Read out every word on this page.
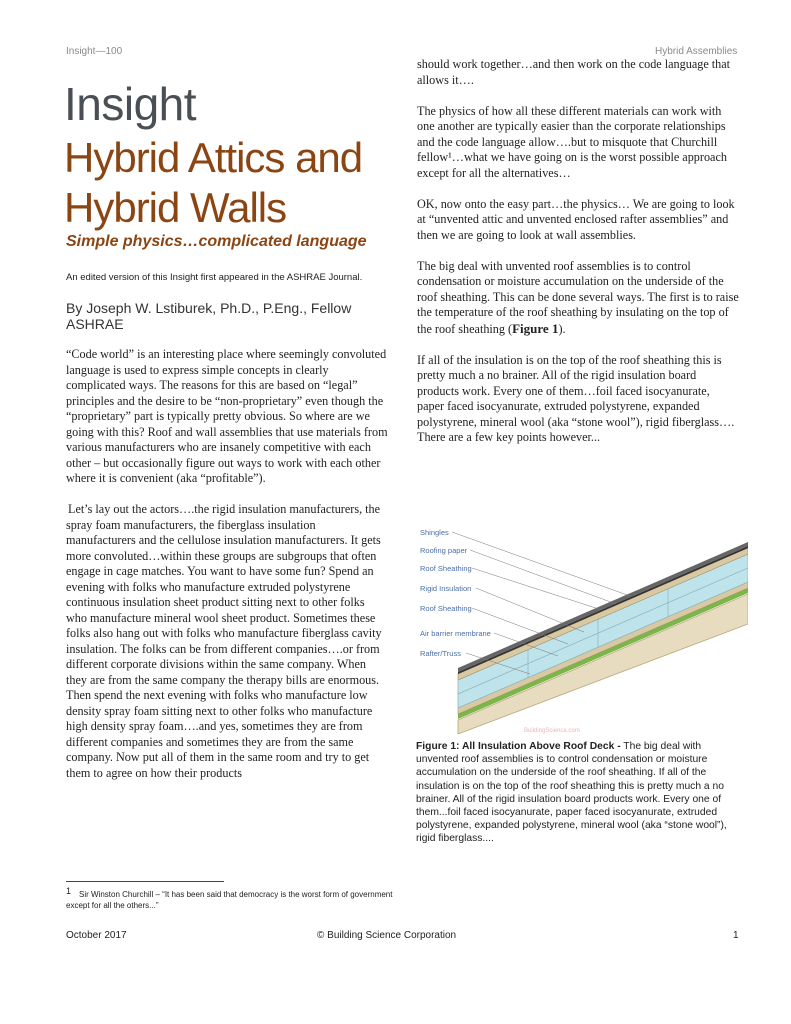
Insight—100	Hybrid Assemblies
Insight
Hybrid Attics and
Hybrid Walls
Simple physics…complicated language
An edited version of this Insight first appeared in the ASHRAE Journal.
By Joseph W. Lstiburek, Ph.D., P.Eng., Fellow ASHRAE

“Code world” is an interesting place where seemingly convoluted language is used to express simple concepts in clearly complicated ways. The reasons for this are based on “legal” principles and the desire to be “non-proprietary” even though the “proprietary” part is typically pretty obvious. So where are we going with this? Roof and wall assemblies that use materials from various manufacturers who are insanely competitive with each other – but occasionally figure out ways to work with each other where it is convenient (aka “profitable”).

Let’s lay out the actors….the rigid insulation manufacturers, the spray foam manufacturers, the fiberglass insulation manufacturers and the cellulose insulation manufacturers. It gets more convoluted…within these groups are subgroups that often engage in cage matches. You want to have some fun? Spend an evening with folks who manufacture extruded polystyrene continuous insulation sheet product sitting next to other folks who manufacture mineral wool sheet product. Sometimes these folks also hang out with folks who manufacture fiberglass cavity insulation. The folks can be from different companies….or from different corporate divisions within the same company. When they are from the same company the therapy bills are enormous. Then spend the next evening with folks who manufacture low density spray foam sitting next to other folks who manufacture high density spray foam….and yes, sometimes they are from different companies and sometimes they are from the same company. Now put all of them in the same room and try to get them to agree on how their products

should work together…and then work on the code language that allows it….

The physics of how all these different materials can work with one another are typically easier than the corporate relationships and the code language allow….but to misquote that Churchill fellow¹…what we have going on is the worst possible approach except for all the alternatives…

OK, now onto the easy part…the physics… We are going to look at “unvented attic and unvented enclosed rafter assemblies” and then we are going to look at wall assemblies.

The big deal with unvented roof assemblies is to control condensation or moisture accumulation on the underside of the roof sheathing. This can be done several ways. The first is to raise the temperature of the roof sheathing by insulating on the top of the roof sheathing (Figure 1).

If all of the insulation is on the top of the roof sheathing this is pretty much a no brainer. All of the rigid insulation board products work. Every one of them…foil faced isocyanurate, paper faced isocyanurate, extruded polystyrene, expanded polystyrene, mineral wool (aka “stone wool”), rigid fiberglass…. There are a few key points however...

Shingles
Roofing paper
Roof Sheathing
Rigid Insulation
Roof Sheathing
Air barrier membrane
Rafter/Truss
BuildingScience.com
Figure 1: All Insulation Above Roof Deck - The big deal with unvented roof assemblies is to control condensation or moisture accumulation on the underside of the roof sheathing. If all of the insulation is on the top of the roof sheathing this is pretty much a no brainer. All of the rigid insulation board products work. Every one of them...foil faced isocyanurate, paper faced isocyanurate, extruded polystyrene, expanded polystyrene, mineral wool (aka “stone wool”), rigid fiberglass....
$^1$ Sir Winston Churchill – “It has been said that democracy is the worst form of government except for all the others...”
October 2017	© Building Science Corporation	1
